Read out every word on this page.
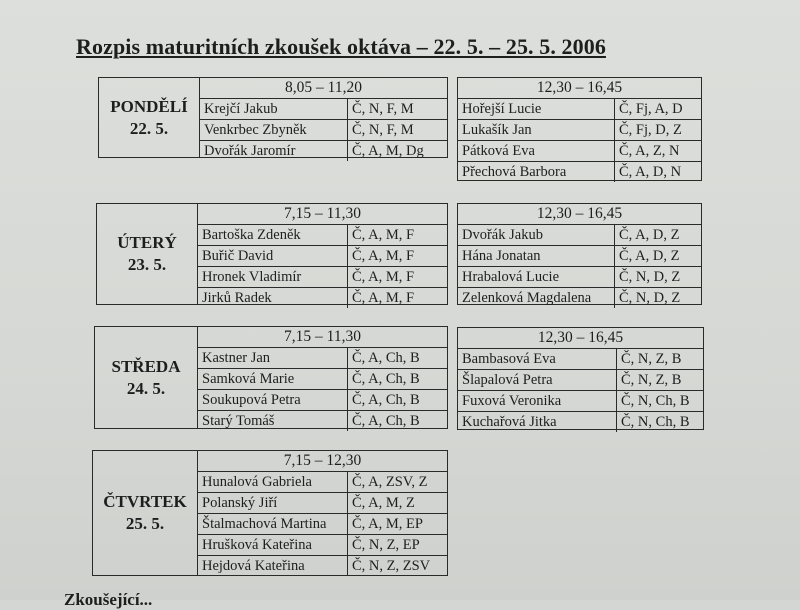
Rozpis maturitních zkoušek oktáva – 22. 5. – 25. 5. 2006
PONDĚLÍ
22. 5.
8,05 – 11,20
Krejčí Jakub	Č, N, F, M
Venkrbec Zbyněk	Č, N, F, M
Dvořák Jaromír	Č, A, M, Dg
12,30 – 16,45
Hořejší Lucie	Č, Fj, A, D
Lukašík Jan	Č, Fj, D, Z
Pátková Eva	Č, A, Z, N
Přechová Barbora	Č, A, D, N
ÚTERÝ
23. 5.
7,15 – 11,30
Bartoška Zdeněk	Č, A, M, F
Buřič David	Č, A, M, F
Hronek Vladimír	Č, A, M, F
Jirků Radek	Č, A, M, F
12,30 – 16,45
Dvořák Jakub	Č, A, D, Z
Hána Jonatan	Č, A, D, Z
Hrabalová Lucie	Č, N, D, Z
Zelenková Magdalena	Č, N, D, Z
STŘEDA
24. 5.
7,15 – 11,30
Kastner Jan	Č, A, Ch, B
Samková Marie	Č, A, Ch, B
Soukupová Petra	Č, A, Ch, B
Starý Tomáš	Č, A, Ch, B
12,30 – 16,45
Bambasová Eva	Č, N, Z, B
Šlapalová Petra	Č, N, Z, B
Fuxová Veronika	Č, N, Ch, B
Kuchařová Jitka	Č, N, Ch, B
ČTVRTEK
25. 5.
7,15 – 12,30
Hunalová Gabriela	Č, A, ZSV, Z
Polanský Jiří	Č, A, M, Z
Štalmachová Martina	Č, A, M, EP
Hrušková Kateřina	Č, N, Z, EP
Hejdová Kateřina	Č, N, Z, ZSV
Zkoušející...
